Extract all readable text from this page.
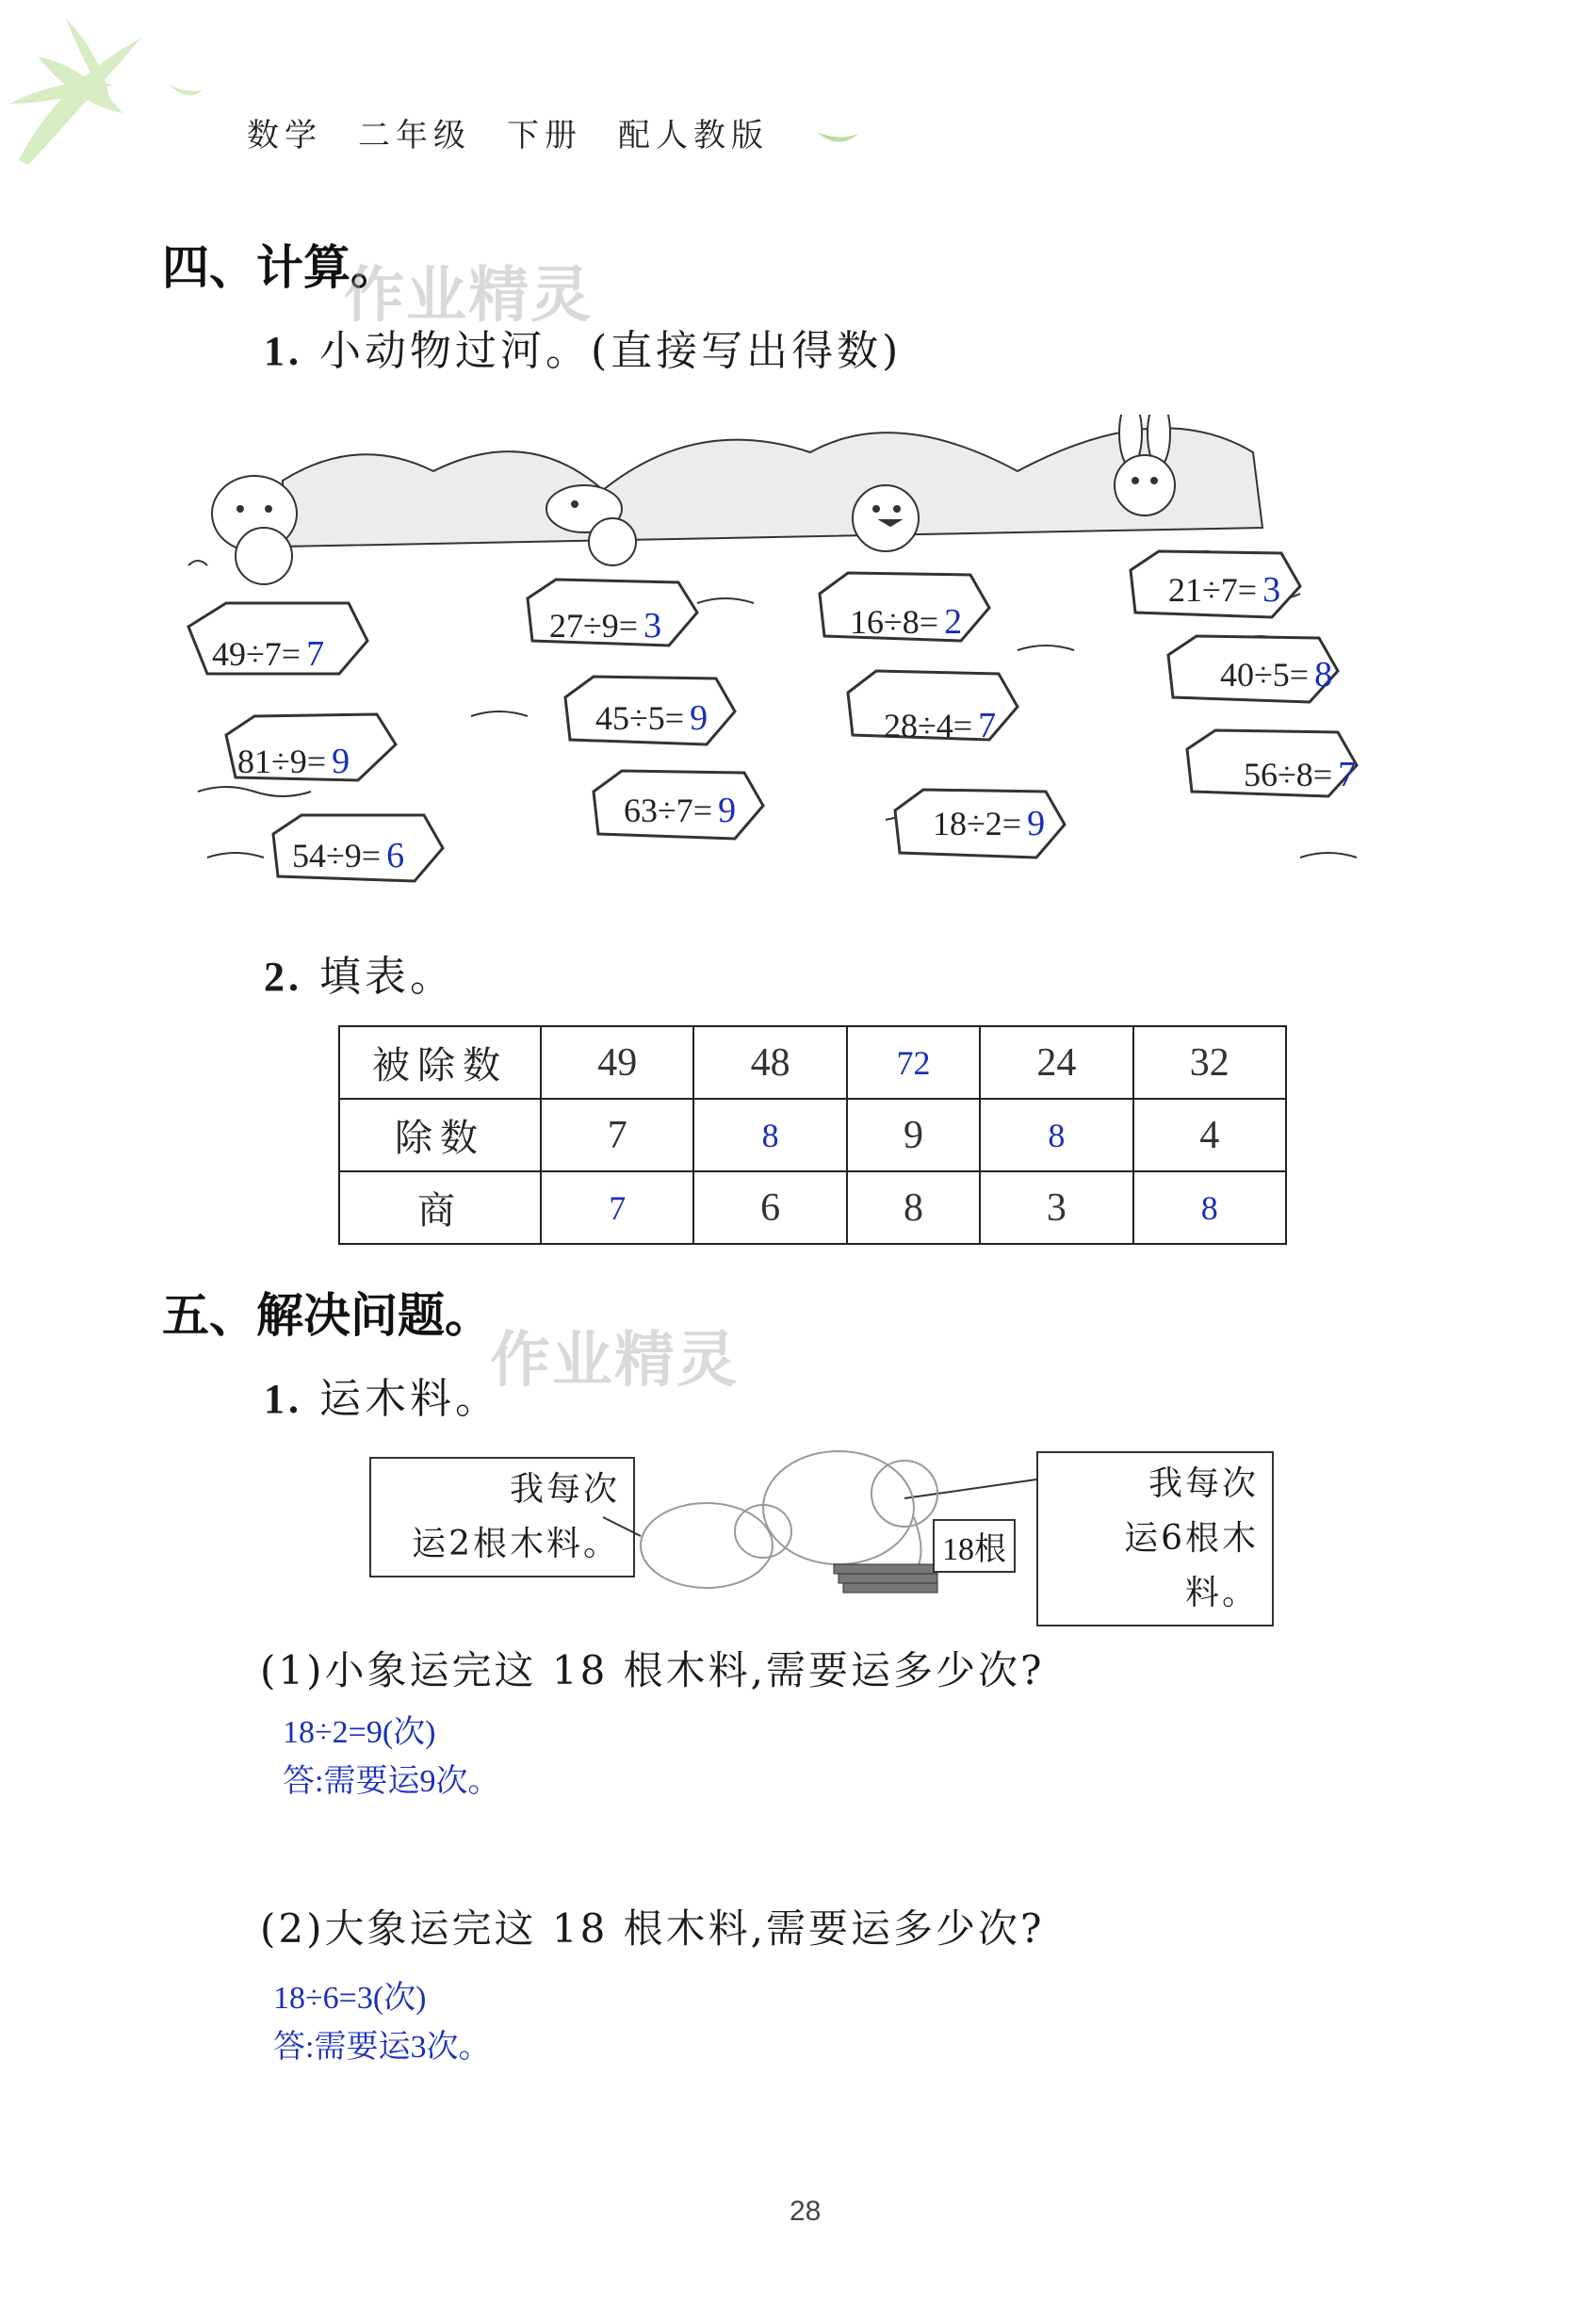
数学 二年级 下册 配人教版
四、计算。
作业精灵
1. 小动物过河。(直接写出得数)
49÷7= 7
81÷9= 9
54÷9= 6
27÷9= 3
45÷5= 9
63÷7= 9
16÷8= 2
28÷4= 7
18÷2= 9
21÷7= 3
40÷5= 8
56÷8= 7
2. 填表。
被除数	49	48	72	24	32
除数	7	8	9	8	4
商	7	6	8	3	8
五、解决问题。
作业精灵
1. 运木料。
我每次
运2根木料。
我每次
运6根木料。
18根
(1)小象运完这 18 根木料,需要运多少次?
18÷2=9(次)
答:需要运9次。
(2)大象运完这 18 根木料,需要运多少次?
18÷6=3(次)
答:需要运3次。
28
